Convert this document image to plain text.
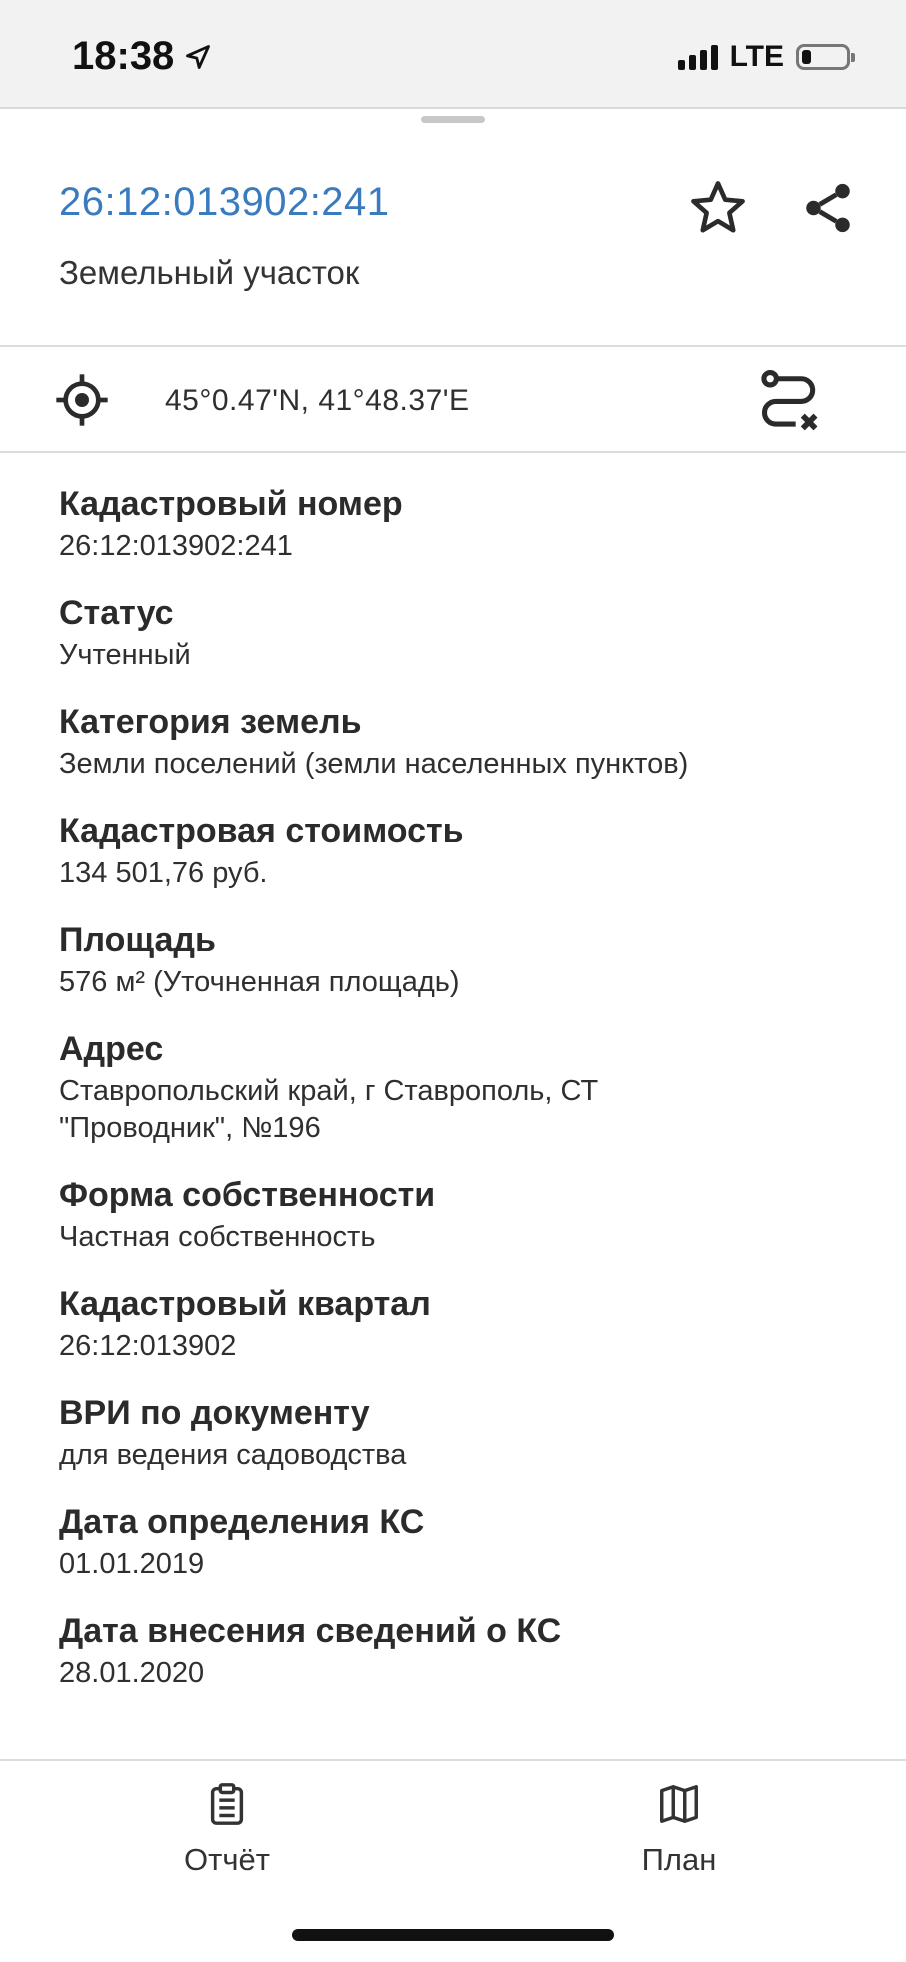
18:38	LTE
26:12:013902:241
Земельный участок
45°0.47'N, 41°48.37'E
Кадастровый номер
26:12:013902:241
Статус
Учтенный
Категория земель
Земли поселений (земли населенных пунктов)
Кадастровая стоимость
134 501,76 руб.
Площадь
576 м² (Уточненная площадь)
Адрес
Ставропольский край, г Ставрополь, СТ "Проводник", №196
Форма собственности
Частная собственность
Кадастровый квартал
26:12:013902
ВРИ по документу
для ведения садоводства
Дата определения КС
01.01.2019
Дата внесения сведений о КС
28.01.2020
Отчёт	План
